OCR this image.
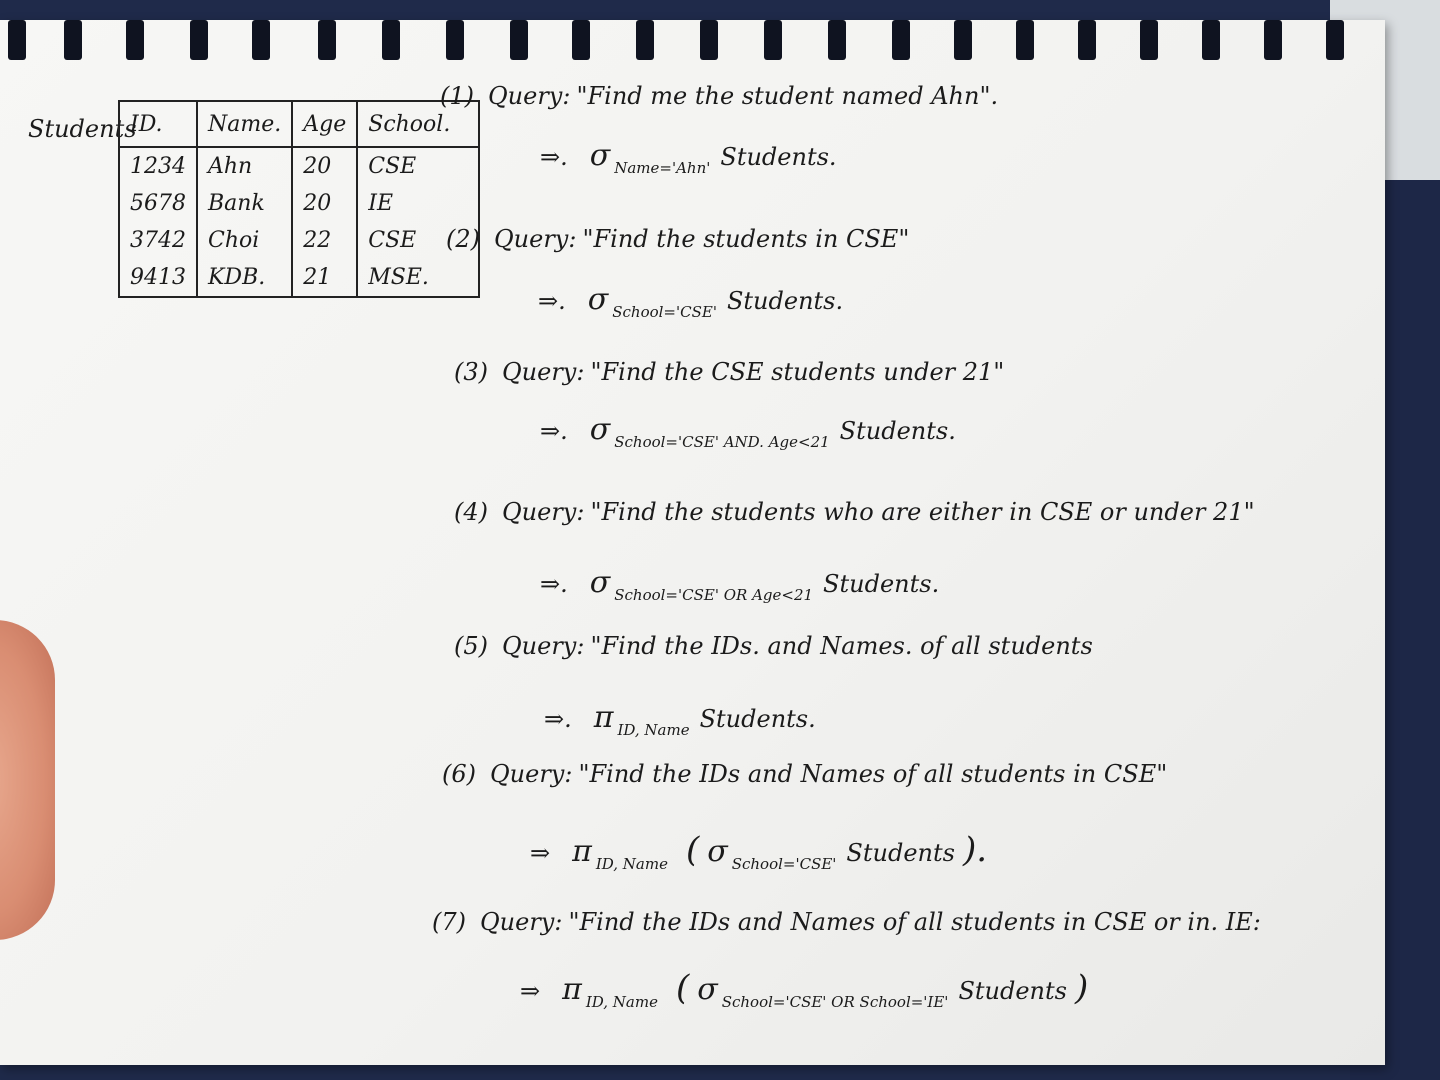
Students
ID.	Name.	Age	School.
1234	Ahn	20	CSE
5678	Bank	20	IE
3742	Choi	22	CSE
9413	KDB.	21	MSE.
(1) Query: "Find me the student named Ahn".
⇒. σ $_{Name='Ahn'}$ Students.
(2) Query: "Find the students in CSE"
⇒. σ $_{School='CSE'}$ Students.
(3) Query: "Find the CSE students under 21"
⇒. σ $_{School='CSE' AND. Age<21}$ Students.
(4) Query: "Find the students who are either in CSE or under 21"
⇒. σ $_{School='CSE' OR Age<21}$ Students.
(5) Query: "Find the IDs. and Names. of all students
⇒. π $_{ID, Name}$ Students.
(6) Query: "Find the IDs and Names of all students in CSE"
⇒ π $_{ID, Name}$ ( σ $_{School='CSE'}$ Students ).
(7) Query: "Find the IDs and Names of all students in CSE or in. IE:
⇒ π $_{ID, Name}$ ( σ $_{School='CSE' OR School='IE'}$ Students )
